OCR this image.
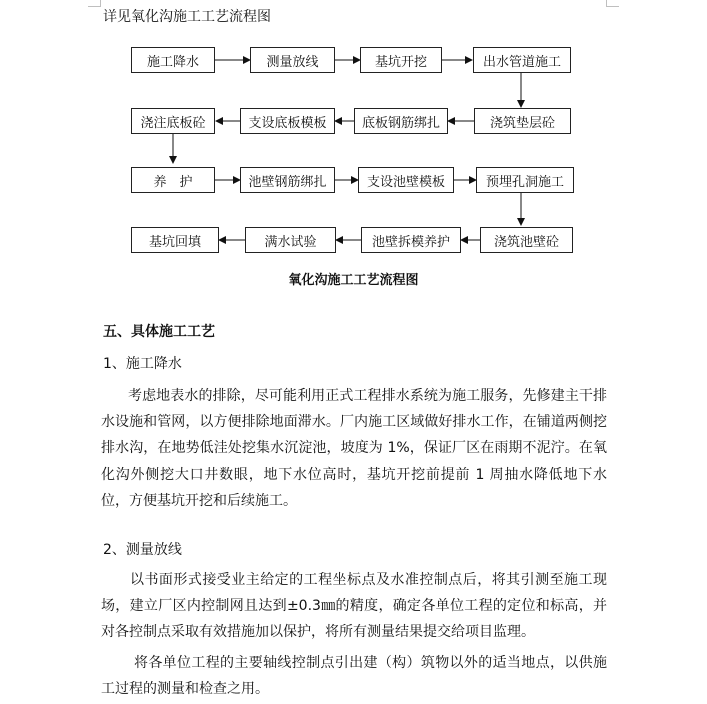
详见氧化沟施工工艺流程图
施工降水	测量放线	基坑开挖	出水管道施工
浇注底板砼	支设底板模板	底板钢筋绑扎	浇筑垫层砼
养　护	池壁钢筋绑扎	支设池壁模板	预埋孔洞施工
基坑回填	满水试验	池壁拆模养护	浇筑池壁砼
氧化沟施工工艺流程图
五、具体施工工艺
1、施工降水

考虑地表水的排除，尽可能利用正式工程排水系统为施工服务，先修建主干排水设施和管网，以方便排除地面滞水。厂内施工区域做好排水工作，在铺道两侧挖排水沟，在地势低洼处挖集水沉淀池，坡度为 1%，保证厂区在雨期不泥泞。在氧化沟外侧挖大口井数眼，地下水位高时，基坑开挖前提前 1 周抽水降低地下水位，方便基坑开挖和后续施工。

2、测量放线

以书面形式接受业主给定的工程坐标点及水准控制点后，将其引测至施工现场，建立厂区内控制网且达到±0.3㎜的精度，确定各单位工程的定位和标高，并对各控制点采取有效措施加以保护，将所有测量结果提交给项目监理。

将各单位工程的主要轴线控制点引出建（构）筑物以外的适当地点，以供施工过程的测量和检查之用。
